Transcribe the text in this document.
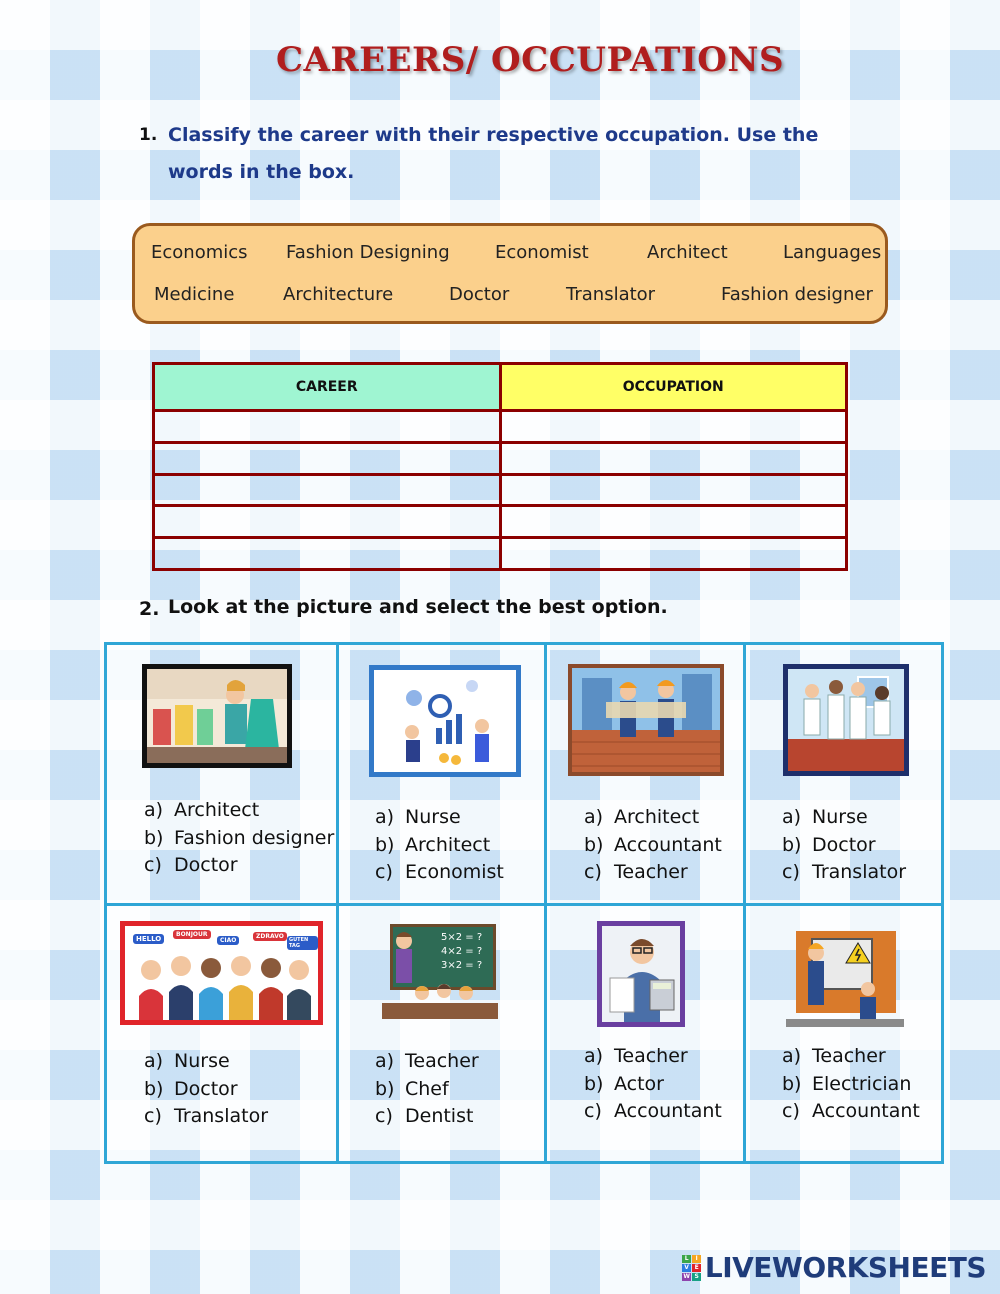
CAREERS/ OCCUPATIONS
1. Classify the career with their respective occupation. Use the words in the box.
Economics Fashion Designing	Economist	Architect	Languages
Medicine	Architecture	Doctor	Translator	Fashion designer
CAREER	OCCUPATION

2. Look at the picture and select the best option.
a) Architect
b) Fashion designer
c) Doctor
a) Nurse
b) Architect
c) Economist
a) Architect
b) Accountant
c) Teacher
a) Nurse
b) Doctor
c) Translator
HELLO
BONJOUR
CIAO
ZDRAVO	GUTEN TAG
a) Nurse
b) Doctor
c) Translator
5×2 = ?
4×2 = ?
3×2 = ?
a) Teacher
b) Chef
c) Dentist
a) Teacher
b) Actor
c) Accountant
a) Teacher
b) Electrician
c) Accountant
L	I
V	E
W S LIVEWORKSHEETS
